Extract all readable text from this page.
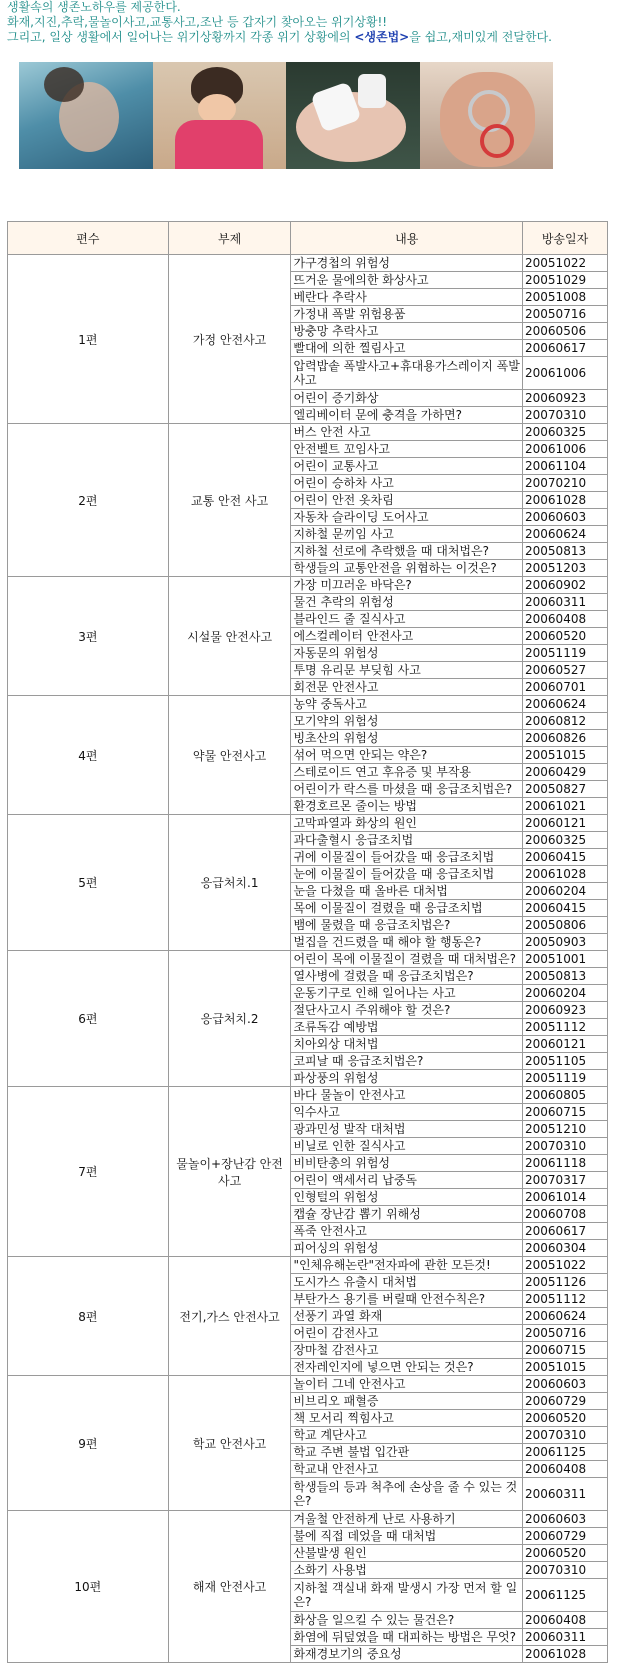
생활속의 생존노하우를 제공한다.
화재,지진,추락,물놀이사고,교통사고,조난 등 갑자기 찾아오는 위기상황!!
그리고, 일상 생활에서 일어나는 위기상황까지 각종 위기 상황에의 <생존법>을 쉽고,재미있게 전달한다.
편수	부제	내용	방송일자
1편	가정 안전사고	가구경첩의 위험성	20051022
		뜨거운 물에의한 화상사고	20051029
		베란다 추락사	20051008
		가정내 폭발 위험용품	20050716
		방충망 추락사고	20060506
		빨대에 의한 찔림사고	20060617
		압력밥솥 폭발사고+휴대용가스레이지 폭발사고	20061006
		어린이 증기화상	20060923
		엘리베이터 문에 충격을 가하면?	20070310
2편	교통 안전 사고	버스 안전 사고	20060325
		안전벨트 꼬임사고	20061006
		어린이 교통사고	20061104
		어린이 승하차 사고	20070210
		어린이 안전 옷차림	20061028
		자동차 슬라이딩 도어사고	20060603
		지하철 문끼임 사고	20060624
		지하철 선로에 추락했을 때 대처법은?	20050813
		학생들의 교통안전을 위협하는 이것은?	20051203
3편	시설물 안전사고	가장 미끄러운 바닥은?	20060902
		물건 추락의 위험성	20060311
		블라인드 줄 질식사고	20060408
		에스컬레이터 안전사고	20060520
		자동문의 위험성	20051119
		투명 유리문 부딪힘 사고	20060527
		회전문 안전사고	20060701
4편	약물 안전사고	농약 중독사고	20060624
		모기약의 위험성	20060812
		빙초산의 위험성	20060826
		섞어 먹으면 안되는 약은?	20051015
		스테로이드 연고 후유증 및 부작용	20060429
		어린이가 락스를 마셨을 때 응급조치법은?	20050827
		환경호르몬 줄이는 방법	20061021
5편	응급처치.1	고막파열과 화상의 원인	20060121
		과다출혈시 응급조치법	20060325
		귀에 이물질이 들어갔을 때 응급조치법	20060415
		눈에 이물질이 들어갔을 때 응급조치법	20061028
		눈을 다쳤을 때 올바른 대처법	20060204
		목에 이물질이 걸렸을 때 응급조치법	20060415
		뱀에 물렸을 때 응급조치법은?	20050806
		벌집을 건드렸을 때 해야 할 행동은?	20050903
6편	응급처치.2	어린이 목에 이물질이 걸렸을 때 대처법은?	20051001
		열사병에 걸렸을 때 응급조치법은?	20050813
		운동기구로 인해 일어나는 사고	20060204
		절단사고시 주위해야 할 것은?	20060923
		조류독감 예방법	20051112
		치아외상 대처법	20060121
		코피날 때 응급조치법은?	20051105
		파상풍의 위험성	20051119
7편	물놀이+장난감 안전사고	바다 물놀이 안전사고	20060805
		익수사고	20060715
		광과민성 발작 대처법	20051210
		비닐로 인한 질식사고	20070310
		비비탄총의 위험성	20061118
		어린이 액세서리 납중독	20070317
		인형털의 위험성	20061014
		캡슐 장난감 뽑기 위해성	20060708
		폭죽 안전사고	20060617
		피어싱의 위험성	20060304
8편	전기,가스 안전사고	"인체유해논란"전자파에 관한 모든것!	20051022
		도시가스 유출시 대처법	20051126
		부탄가스 용기를 버릴때 안전수칙은?	20051112
		선풍기 과열 화재	20060624
		어린이 감전사고	20050716
		장마철 감전사고	20060715
		전자레인지에 넣으면 안되는 것은?	20051015
9편	학교 안전사고	놀이터 그네 안전사고	20060603
		비브리오 패혈증	20060729
		책 모서리 찍힘사고	20060520
		학교 계단사고	20070310
		학교 주변 불법 입간판	20061125
		학교내 안전사고	20060408
		학생들의 등과 척추에 손상을 줄 수 있는 것은?	20060311
10편	해재 안전사고	겨울철 안전하게 난로 사용하기	20060603
		불에 직접 데었을 때 대처법	20060729
		산불발생 원인	20060520
		소화기 사용법	20070310
		지하철 객실내 화재 발생시 가장 먼저 할 일은?	20061125
		화상을 일으킬 수 있는 물건은?	20060408
		화염에 뒤덮였을 때 대피하는 방법은 무엇?	20060311
		화재경보기의 중요성	20061028
